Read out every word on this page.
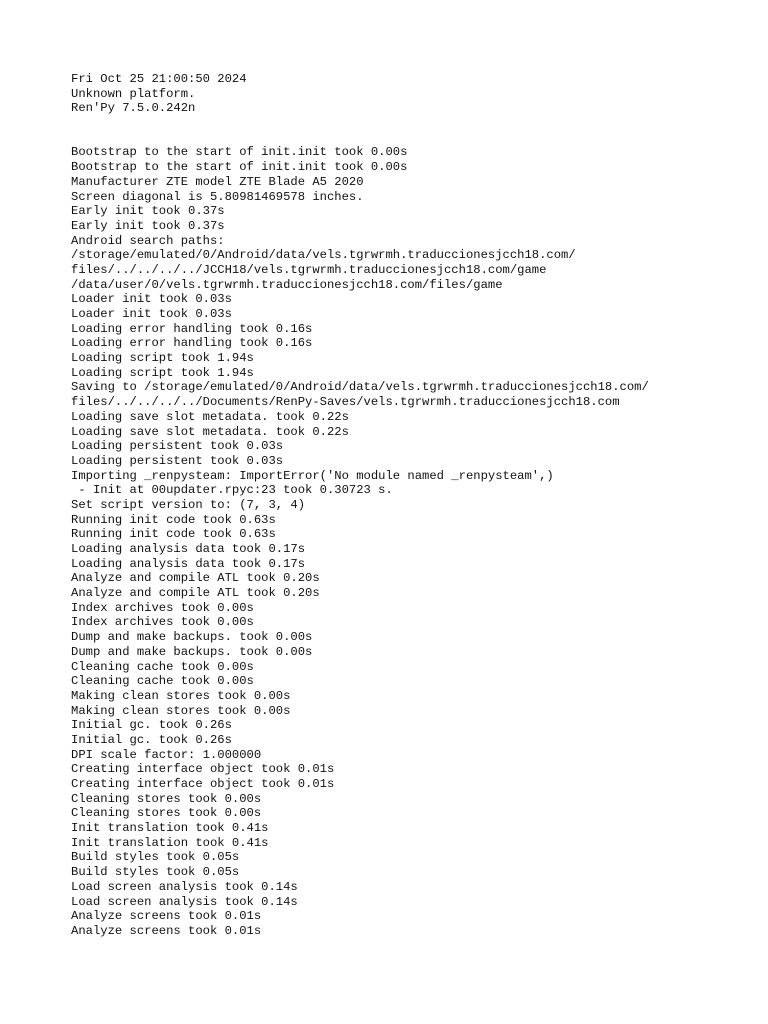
Fri Oct 25 21:00:50 2024
Unknown platform.
Ren'Py 7.5.0.242n
Bootstrap to the start of init.init took 0.00s
Bootstrap to the start of init.init took 0.00s
Manufacturer ZTE model ZTE Blade A5 2020
Screen diagonal is 5.80981469578 inches.
Early init took 0.37s
Early init took 0.37s
Android search paths:
/storage/emulated/0/Android/data/vels.tgrwrmh.traduccionesjcch18.com/
files/../../../../JCCH18/vels.tgrwrmh.traduccionesjcch18.com/game
/data/user/0/vels.tgrwrmh.traduccionesjcch18.com/files/game
Loader init took 0.03s
Loader init took 0.03s
Loading error handling took 0.16s
Loading error handling took 0.16s
Loading script took 1.94s
Loading script took 1.94s
Saving to /storage/emulated/0/Android/data/vels.tgrwrmh.traduccionesjcch18.com/
files/../../../../Documents/RenPy-Saves/vels.tgrwrmh.traduccionesjcch18.com
Loading save slot metadata. took 0.22s
Loading save slot metadata. took 0.22s
Loading persistent took 0.03s
Loading persistent took 0.03s
Importing _renpysteam: ImportError('No module named _renpysteam',)
- Init at 00updater.rpyc:23 took 0.30723 s.
Set script version to: (7, 3, 4)
Running init code took 0.63s
Running init code took 0.63s
Loading analysis data took 0.17s
Loading analysis data took 0.17s
Analyze and compile ATL took 0.20s
Analyze and compile ATL took 0.20s
Index archives took 0.00s
Index archives took 0.00s
Dump and make backups. took 0.00s
Dump and make backups. took 0.00s
Cleaning cache took 0.00s
Cleaning cache took 0.00s
Making clean stores took 0.00s
Making clean stores took 0.00s
Initial gc. took 0.26s
Initial gc. took 0.26s
DPI scale factor: 1.000000
Creating interface object took 0.01s
Creating interface object took 0.01s
Cleaning stores took 0.00s
Cleaning stores took 0.00s
Init translation took 0.41s
Init translation took 0.41s
Build styles took 0.05s
Build styles took 0.05s
Load screen analysis took 0.14s
Load screen analysis took 0.14s
Analyze screens took 0.01s
Analyze screens took 0.01s
